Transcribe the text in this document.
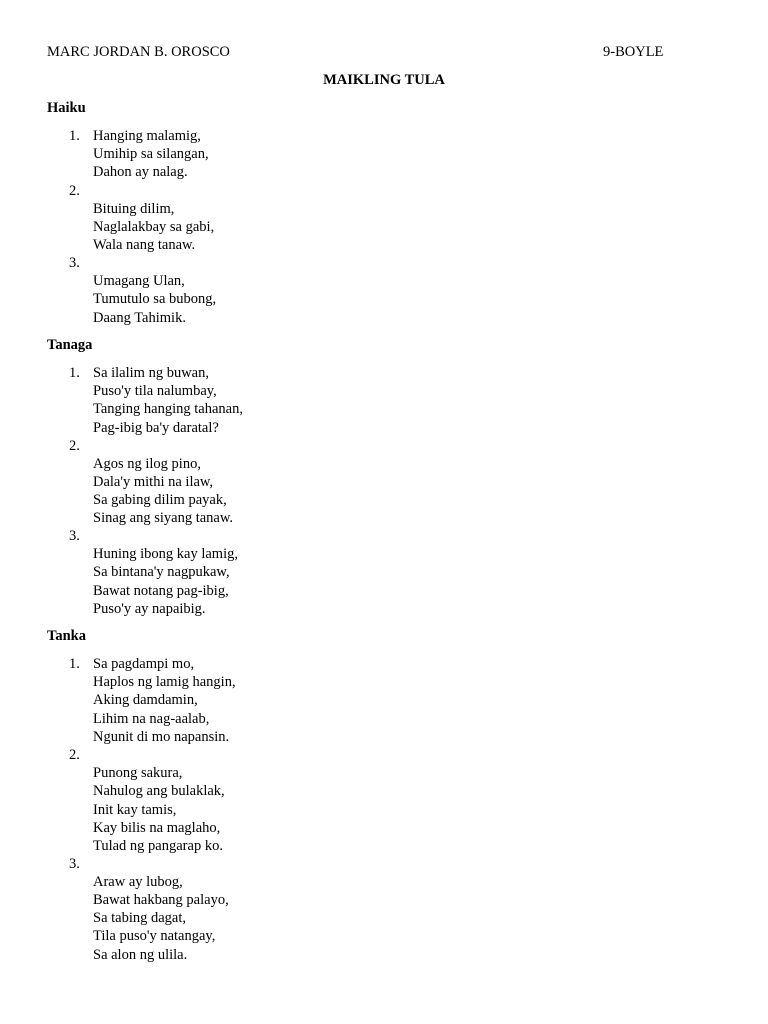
MARC JORDAN B. OROSCO	9-BOYLE
MAIKLING TULA
Haiku
1. Hanging malamig,
Umihip sa silangan,
Dahon ay nalag.
2.
Bituing dilim,
Naglalakbay sa gabi,
Wala nang tanaw.
3.
Umagang Ulan,
Tumutulo sa bubong,
Daang Tahimik.
Tanaga
1. Sa ilalim ng buwan,
Puso'y tila nalumbay,
Tanging hanging tahanan,
Pag-ibig ba'y daratal?
2.
Agos ng ilog pino,
Dala'y mithi na ilaw,
Sa gabing dilim payak,
Sinag ang siyang tanaw.
3.
Huning ibong kay lamig,
Sa bintana'y nagpukaw,
Bawat notang pag-ibig,
Puso'y ay napaibig.
Tanka
1. Sa pagdampi mo,
Haplos ng lamig hangin,
Aking damdamin,
Lihim na nag-aalab,
Ngunit di mo napansin.
2.
Punong sakura,
Nahulog ang bulaklak,
Init kay tamis,
Kay bilis na maglaho,
Tulad ng pangarap ko.
3.
Araw ay lubog,
Bawat hakbang palayo,
Sa tabing dagat,
Tila puso'y natangay,
Sa alon ng ulila.
